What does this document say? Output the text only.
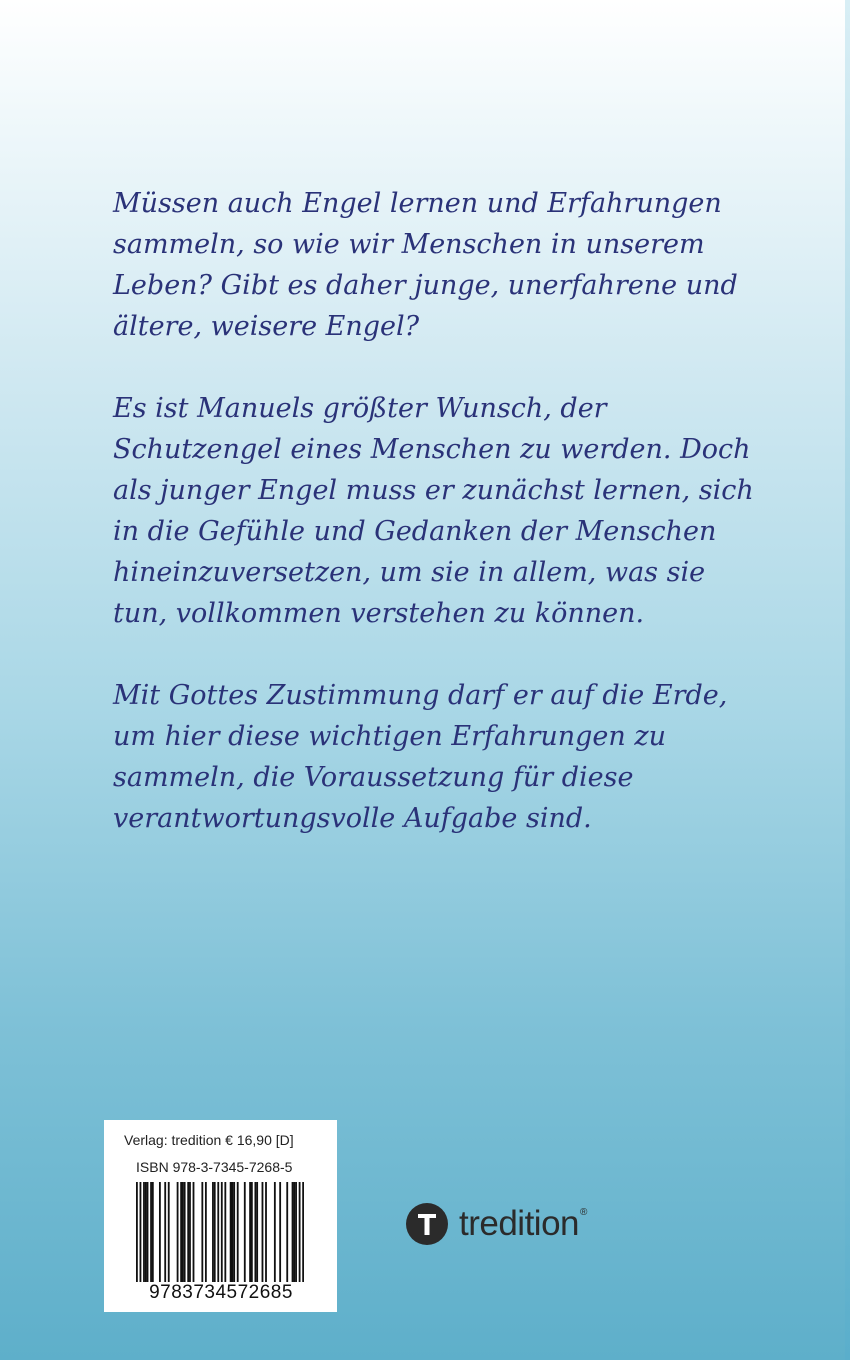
Müssen auch Engel lernen und Erfahrungen
sammeln, so wie wir Menschen in unserem
Leben? Gibt es daher junge, unerfahrene und
ältere, weisere Engel?

Es ist Manuels größter Wunsch, der
Schutzengel eines Menschen zu werden. Doch
als junger Engel muss er zunächst lernen, sich
in die Gefühle und Gedanken der Menschen
hineinzuversetzen, um sie in allem, was sie
tun, vollkommen verstehen zu können.

Mit Gottes Zustimmung darf er auf die Erde,
um hier diese wichtigen Erfahrungen zu
sammeln, die Voraussetzung für diese
verantwortungsvolle Aufgabe sind.

Verlag: tredition € 16,90 [D]
ISBN 978-3-7345-7268-5
9783734572685
tredition ®
